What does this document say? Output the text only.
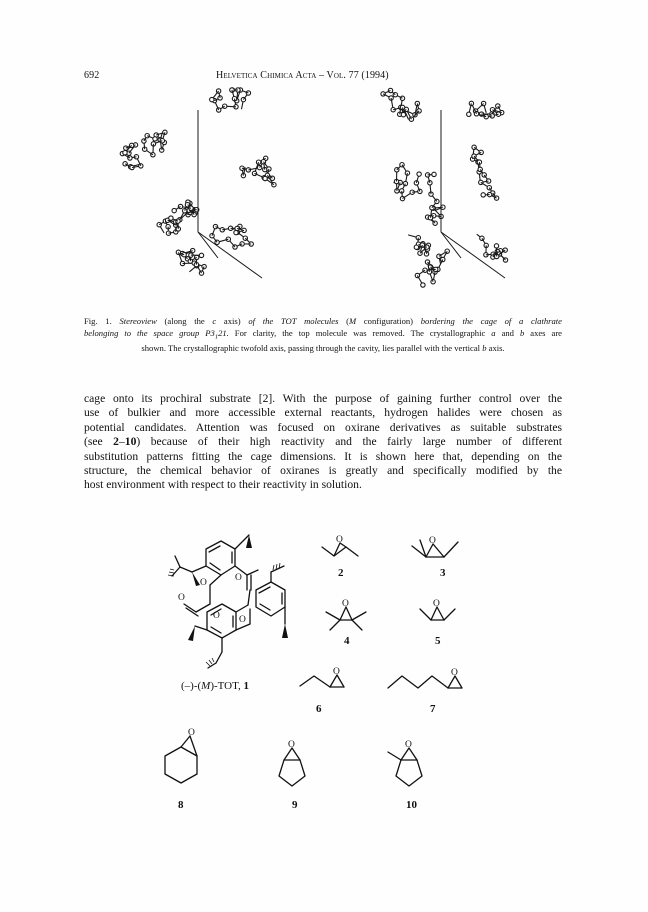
692	Helvetica Chimica Acta – Vol. 77 (1994)
Fig. 1. Stereoview (along the c axis) of the TOT molecules (M configuration) bordering the cage of a clathrate
belonging to the space group $P3_121$. For clarity, the top molecule was removed. The crystallographic a and b axes are
shown. The crystallographic twofold axis, passing through the cavity, lies parallel with the vertical b axis.
cage onto its prochiral substrate [2]. With the purpose of gaining further control over the
use of bulkier and more accessible external reactants, hydrogen halides were chosen as
potential candidates. Attention was focused on oxirane derivatives as suitable substrates
(see 2–10) because of their high reactivity and the fairly large number of different
substitution patterns fitting the cage dimensions. It is shown here that, depending on the
structure, the chemical behavior of oxiranes is greatly and specifically modified by the
host environment with respect to their reactivity in solution.
O
O
O
O
O
O	O
O	O
O	O
O
O	O
(–)-(M)-TOT, 1
2	3
4	5
6	7
8	9	10
